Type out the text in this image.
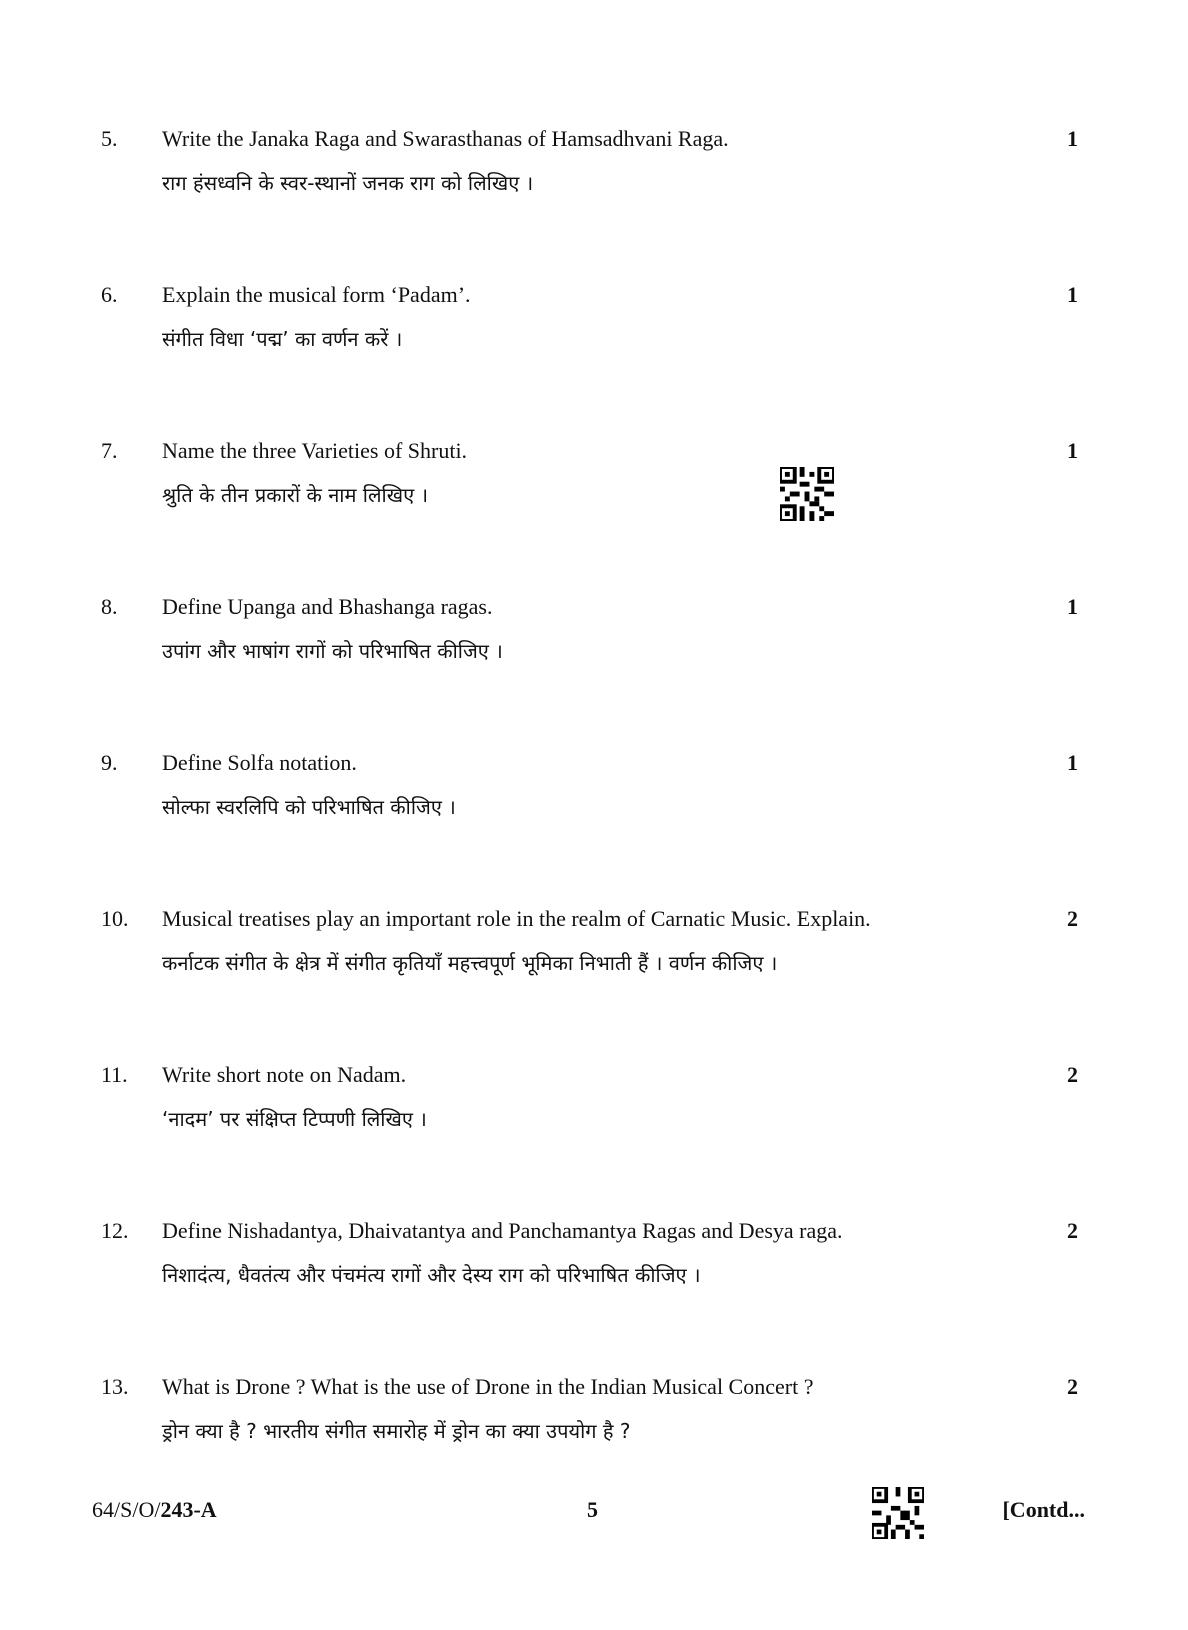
5. Write the Janaka Raga and Swarasthanas of Hamsadhvani Raga.
राग हंसध्वनि के स्वर-स्थानों जनक राग को लिखिए ।
1
6. Explain the musical form ‘Padam’.
संगीत विधा ‘पद्म’ का वर्णन करें ।
1
7. Name the three Varieties of Shruti.
श्रुति के तीन प्रकारों के नाम लिखिए ।
1
8. Define Upanga and Bhashanga ragas.
उपांग और भाषांग रागों को परिभाषित कीजिए ।
1
9. Define Solfa notation.
सोल्फा स्वरलिपि को परिभाषित कीजिए ।
1
10. Musical treatises play an important role in the realm of Carnatic Music. Explain.
कर्नाटक संगीत के क्षेत्र में संगीत कृतियाँ महत्त्वपूर्ण भूमिका निभाती हैं । वर्णन कीजिए ।
2
11. Write short note on Nadam.
‘नादम’ पर संक्षिप्त टिप्पणी लिखिए ।
2
12. Define Nishadantya, Dhaivatantya and Panchamantya Ragas and Desya raga.
निशादंत्य, धैवतंत्य और पंचमंत्य रागों और देस्य राग को परिभाषित कीजिए ।
2
13. What is Drone ? What is the use of Drone in the Indian Musical Concert ?
ड्रोन क्या है ? भारतीय संगीत समारोह में ड्रोन का क्या उपयोग है ?
2
64/S/O/243-A	5	[Contd...
